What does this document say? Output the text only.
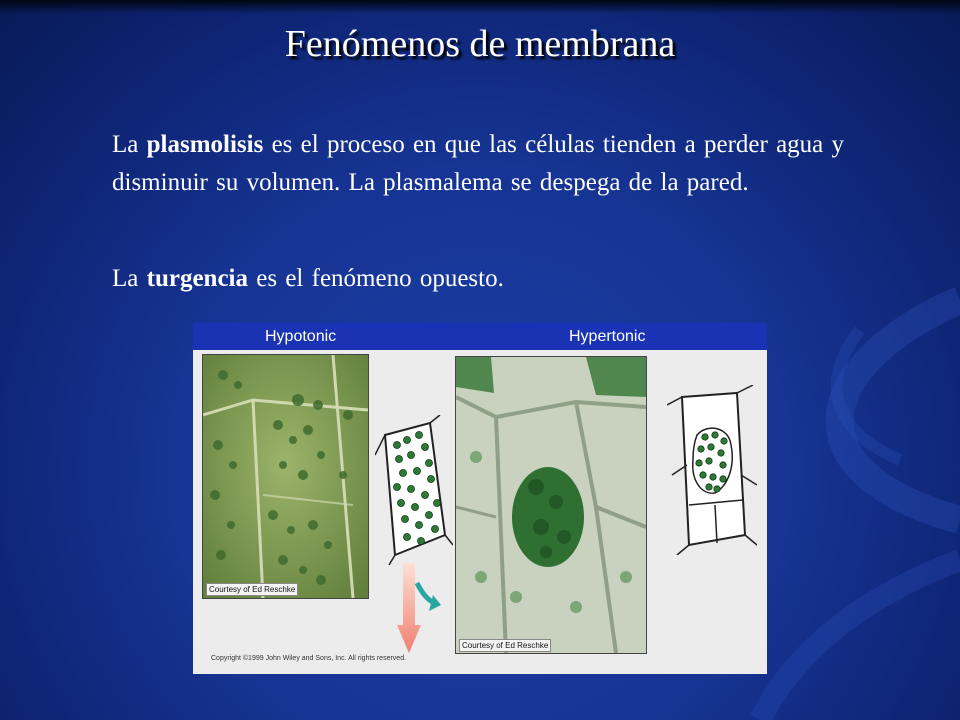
Fenómenos de membrana

La plasmolisis es el proceso en que las células tienden a perder agua y disminuir su volumen. La plasmalema se despega de la pared.

La turgencia es el fenómeno opuesto.

Hypotonic	Hypertonic
Courtesy of Ed Reschke
Courtesy of Ed Reschke
Copyright ©1999 John Wiley and Sons, Inc. All rights reserved.
